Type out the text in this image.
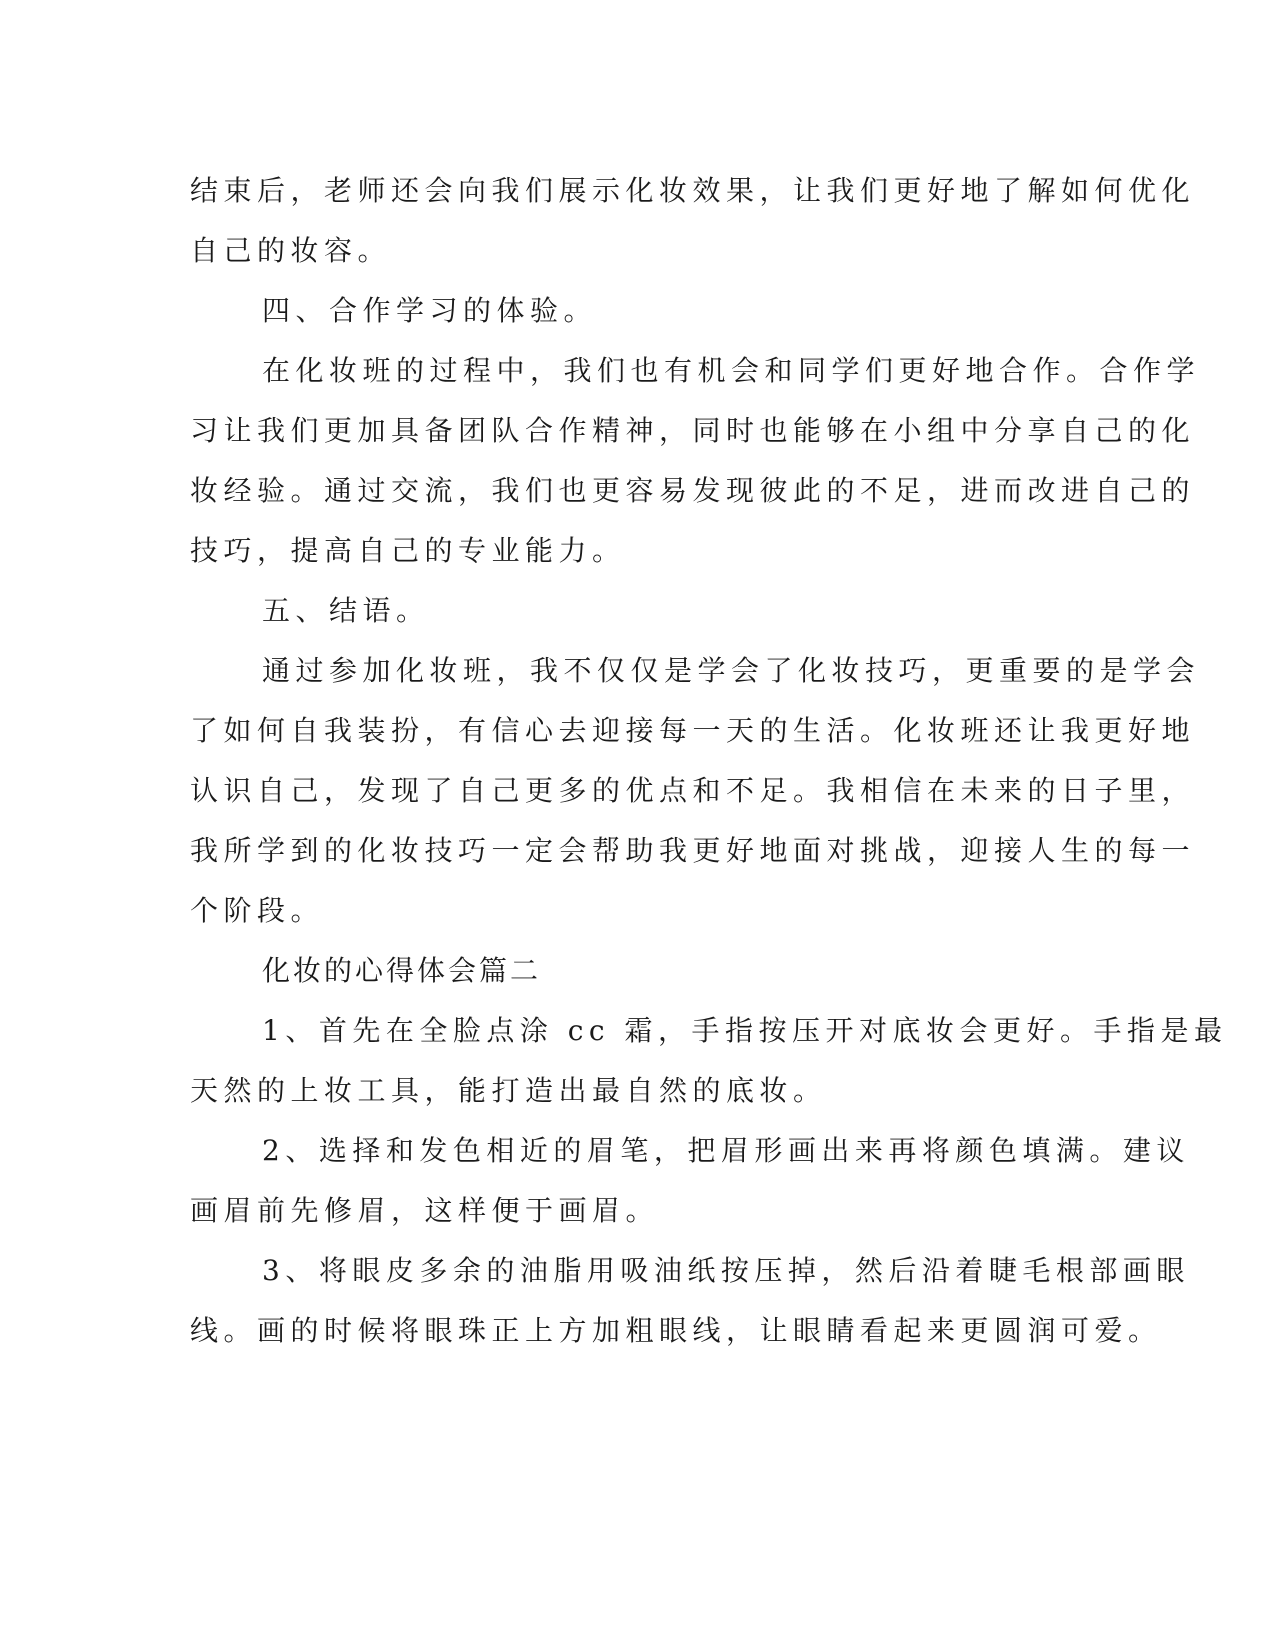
结束后，老师还会向我们展示化妆效果，让我们更好地了解如何优化
自己的妆容。
四、合作学习的体验。
在化妆班的过程中，我们也有机会和同学们更好地合作。合作学
习让我们更加具备团队合作精神，同时也能够在小组中分享自己的化
妆经验。通过交流，我们也更容易发现彼此的不足，进而改进自己的
技巧，提高自己的专业能力。
五、结语。
通过参加化妆班，我不仅仅是学会了化妆技巧，更重要的是学会
了如何自我装扮，有信心去迎接每一天的生活。化妆班还让我更好地
认识自己，发现了自己更多的优点和不足。我相信在未来的日子里，
我所学到的化妆技巧一定会帮助我更好地面对挑战，迎接人生的每一
个阶段。
化妆的心得体会篇二
1、首先在全脸点涂 cc 霜，手指按压开对底妆会更好。手指是最
天然的上妆工具，能打造出最自然的底妆。
2、选择和发色相近的眉笔，把眉形画出来再将颜色填满。建议
画眉前先修眉，这样便于画眉。
3、将眼皮多余的油脂用吸油纸按压掉，然后沿着睫毛根部画眼
线。画的时候将眼珠正上方加粗眼线，让眼睛看起来更圆润可爱。
